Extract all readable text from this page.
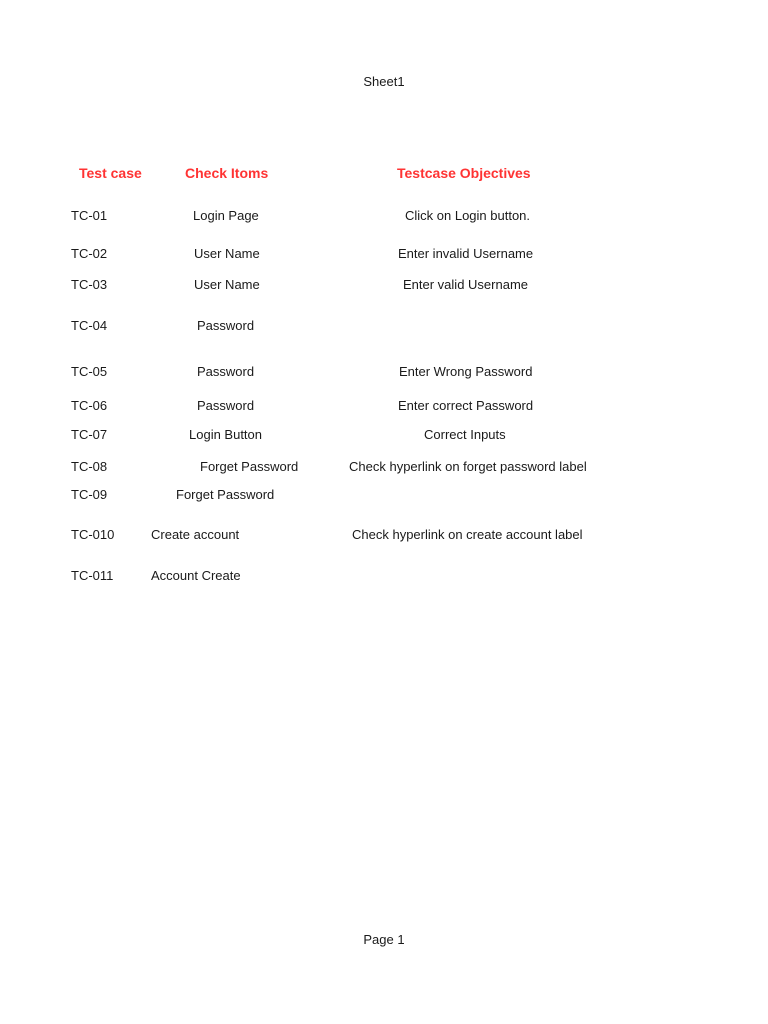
Sheet1
Test case	Check Itoms	Testcase Objectives
TC-01	Login Page	Click on Login button.
TC-02	User Name	Enter invalid Username
TC-03	User Name	Enter valid Username
TC-04	Password
TC-05	Password	Enter Wrong Password
TC-06	Password	Enter correct Password
TC-07	Login Button	Correct Inputs
TC-08	Forget Password	Check hyperlink on forget password label
TC-09	Forget Password
TC-010	Create account	Check hyperlink on create account label
TC-011	Account Create
Page 1
